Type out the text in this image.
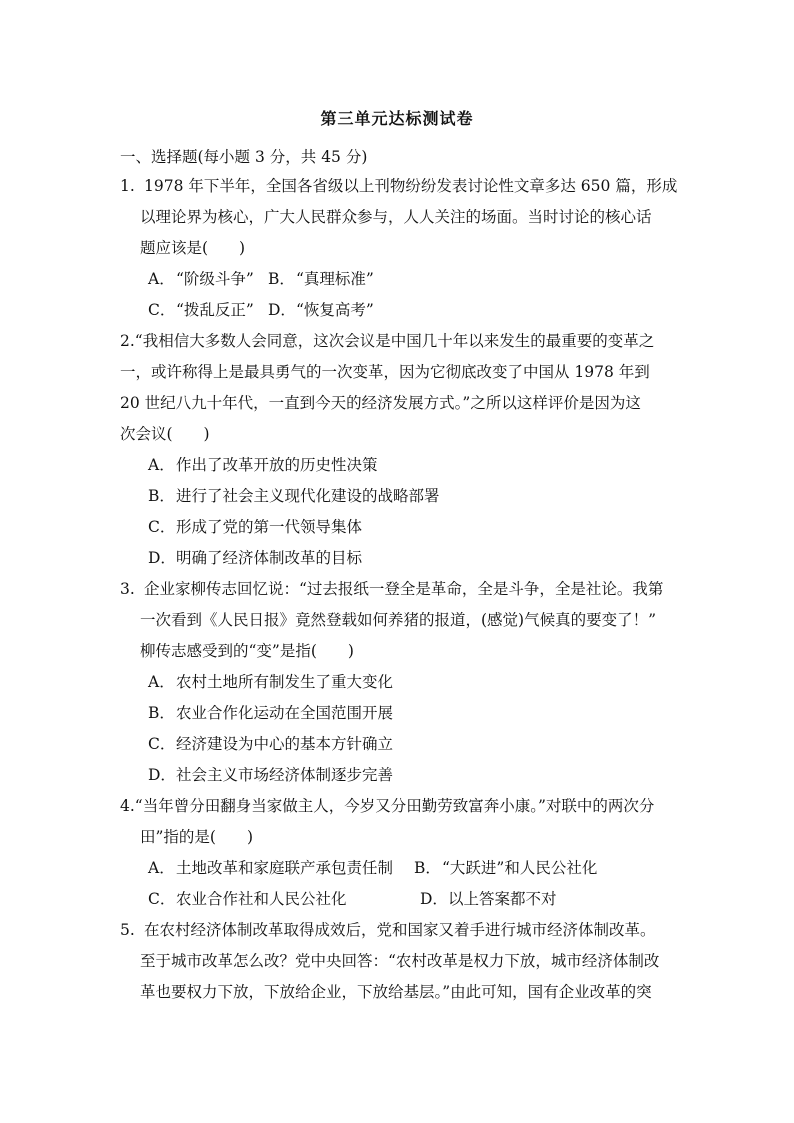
第三单元达标测试卷
一、选择题(每小题 3 分，共 45 分)
1. 1978 年下半年，全国各省级以上刊物纷纷发表讨论性文章多达 650 篇，形成
以理论界为核心，广大人民群众参与，人人关注的场面。当时讨论的核心话
题应该是(　　)
A．“阶级斗争” B．“真理标准”
C．“拨乱反正” D．“恢复高考”
2.“我相信大多数人会同意，这次会议是中国几十年以来发生的最重要的变革之
一，或许称得上是最具勇气的一次变革，因为它彻底改变了中国从 1978 年到
20 世纪八九十年代，一直到今天的经济发展方式。”之所以这样评价是因为这
次会议(　　)
A．作出了改革开放的历史性决策
B．进行了社会主义现代化建设的战略部署
C．形成了党的第一代领导集体
D．明确了经济体制改革的目标
3. 企业家柳传志回忆说：“过去报纸一登全是革命，全是斗争，全是社论。我第
一次看到《人民日报》竟然登载如何养猪的报道，(感觉)气候真的要变了！”
柳传志感受到的“变”是指(　　)
A．农村土地所有制发生了重大变化
B．农业合作化运动在全国范围开展
C．经济建设为中心的基本方针确立
D．社会主义市场经济体制逐步完善
4.“当年曾分田翻身当家做主人，今岁又分田勤劳致富奔小康。”对联中的两次分
田”指的是(　　)
A．土地改革和家庭联产承包责任制 B．“大跃进”和人民公社化
C．农业合作社和人民公社化	D．以上答案都不对
5. 在农村经济体制改革取得成效后，党和国家又着手进行城市经济体制改革。
至于城市改革怎么改？党中央回答：“农村改革是权力下放，城市经济体制改
革也要权力下放，下放给企业，下放给基层。”由此可知，国有企业改革的突
